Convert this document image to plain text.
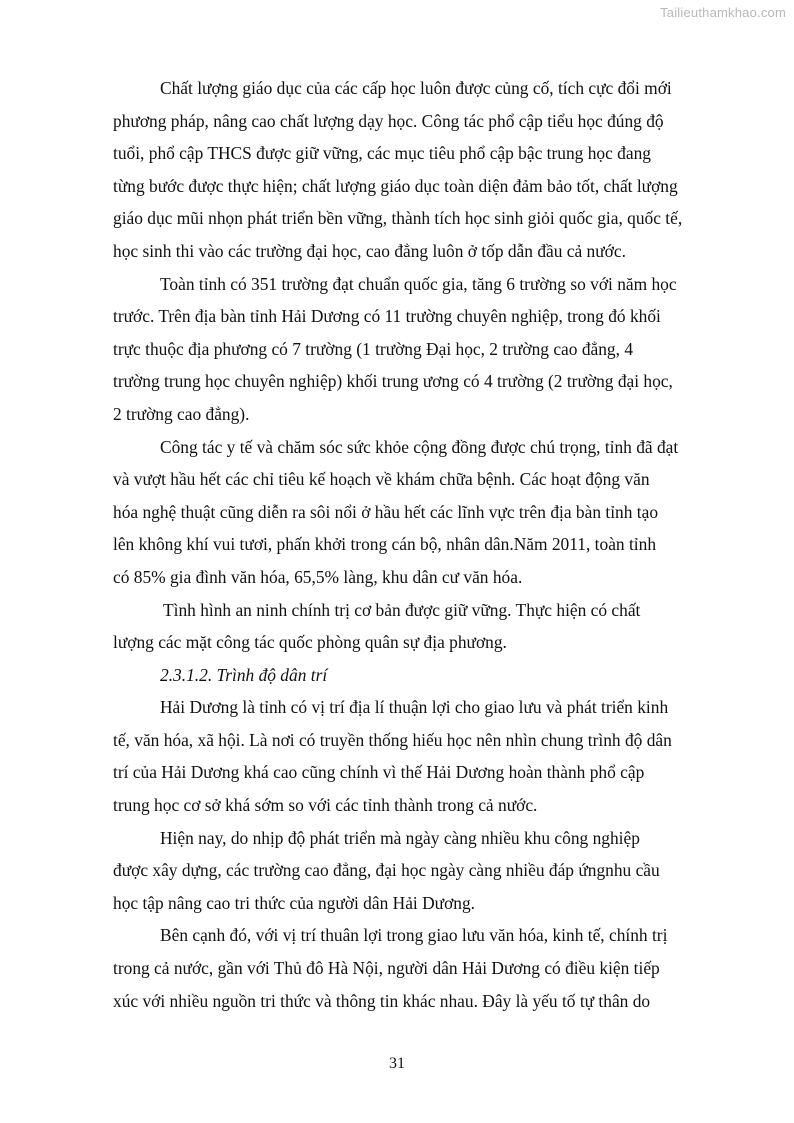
Tailieuthamkhao.com

Chất lượng giáo dục của các cấp học luôn được củng cố, tích cực đổi mới
phương pháp, nâng cao chất lượng dạy học. Công tác phổ cập tiểu học đúng độ
tuổi, phổ cập THCS được giữ vững, các mục tiêu phổ cập bậc trung học đang
từng bước được thực hiện; chất lượng giáo dục toàn diện đảm bảo tốt, chất lượng
giáo dục mũi nhọn phát triển bền vững, thành tích học sinh giỏi quốc gia, quốc tế,
học sinh thi vào các trường đại học, cao đẳng luôn ở tốp dẫn đầu cả nước.

Toàn tỉnh có 351 trường đạt chuẩn quốc gia, tăng 6 trường so với năm học
trước. Trên địa bàn tỉnh Hải Dương có 11 trường chuyên nghiệp, trong đó khối
trực thuộc địa phương có 7 trường (1 trường Đại học, 2 trường cao đẳng, 4
trường trung học chuyên nghiệp) khối trung ương có 4 trường (2 trường đại học,
2 trường cao đẳng).

Công tác y tế và chăm sóc sức khỏe cộng đồng được chú trọng, tỉnh đã đạt
và vượt hầu hết các chỉ tiêu kế hoạch về khám chữa bệnh. Các hoạt động văn
hóa nghệ thuật cũng diễn ra sôi nổi ở hầu hết các lĩnh vực trên địa bàn tỉnh tạo
lên không khí vui tươi, phấn khởi trong cán bộ, nhân dân.Năm 2011, toàn tỉnh
có 85% gia đình văn hóa, 65,5% làng, khu dân cư văn hóa.

Tình hình an ninh chính trị cơ bản được giữ vững. Thực hiện có chất
lượng các mặt công tác quốc phòng quân sự địa phương.

2.3.1.2. Trình độ dân trí

Hải Dương là tỉnh có vị trí địa lí thuận lợi cho giao lưu và phát triển kinh
tế, văn hóa, xã hội. Là nơi có truyền thống hiếu học nên nhìn chung trình độ dân
trí của Hải Dương khá cao cũng chính vì thế Hải Dương hoàn thành phổ cập
trung học cơ sở khá sớm so với các tỉnh thành trong cả nước.

Hiện nay, do nhịp độ phát triển mà ngày càng nhiều khu công nghiệp
được xây dựng, các trường cao đẳng, đại học ngày càng nhiều đáp ứngnhu cầu
học tập nâng cao tri thức của người dân Hải Dương.

Bên cạnh đó, với vị trí thuân lợi trong giao lưu văn hóa, kinh tế, chính trị
trong cả nước, gần với Thủ đô Hà Nội, người dân Hải Dương có điều kiện tiếp
xúc với nhiều nguồn tri thức và thông tin khác nhau. Đây là yếu tố tự thân do

31
